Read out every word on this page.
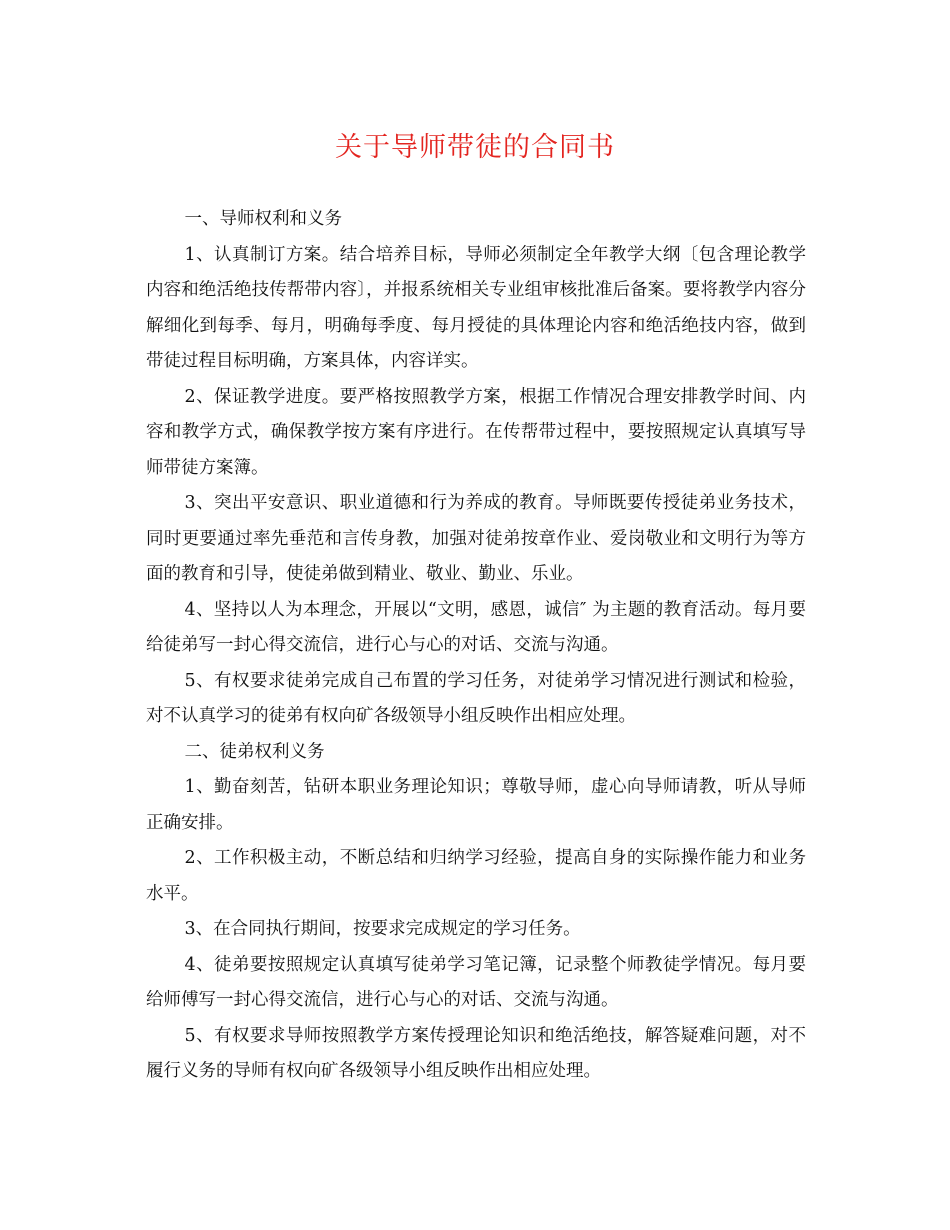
关于导师带徒的合同书

一、导师权利和义务

1、认真制订方案。结合培养目标，导师必须制定全年教学大纲〔包含理论教学内容和绝活绝技传帮带内容〕，并报系统相关专业组审核批准后备案。要将教学内容分解细化到每季、每月，明确每季度、每月授徒的具体理论内容和绝活绝技内容，做到带徒过程目标明确，方案具体，内容详实。

2、保证教学进度。要严格按照教学方案，根据工作情况合理安排教学时间、内容和教学方式，确保教学按方案有序进行。在传帮带过程中，要按照规定认真填写导师带徒方案簿。

3、突出平安意识、职业道德和行为养成的教育。导师既要传授徒弟业务技术，同时更要通过率先垂范和言传身教，加强对徒弟按章作业、爱岗敬业和文明行为等方面的教育和引导，使徒弟做到精业、敬业、勤业、乐业。

4、坚持以人为本理念，开展以“文明，感恩，诚信″ 为主题的教育活动。每月要给徒弟写一封心得交流信，进行心与心的对话、交流与沟通。

5、有权要求徒弟完成自己布置的学习任务，对徒弟学习情况进行测试和检验，对不认真学习的徒弟有权向矿各级领导小组反映作出相应处理。

二、徒弟权利义务

1、勤奋刻苦，钻研本职业务理论知识；尊敬导师，虚心向导师请教，听从导师正确安排。

2、工作积极主动，不断总结和归纳学习经验，提高自身的实际操作能力和业务水平。

3、在合同执行期间，按要求完成规定的学习任务。

4、徒弟要按照规定认真填写徒弟学习笔记簿，记录整个师教徒学情况。每月要给师傅写一封心得交流信，进行心与心的对话、交流与沟通。

5、有权要求导师按照教学方案传授理论知识和绝活绝技，解答疑难问题，对不履行义务的导师有权向矿各级领导小组反映作出相应处理。
